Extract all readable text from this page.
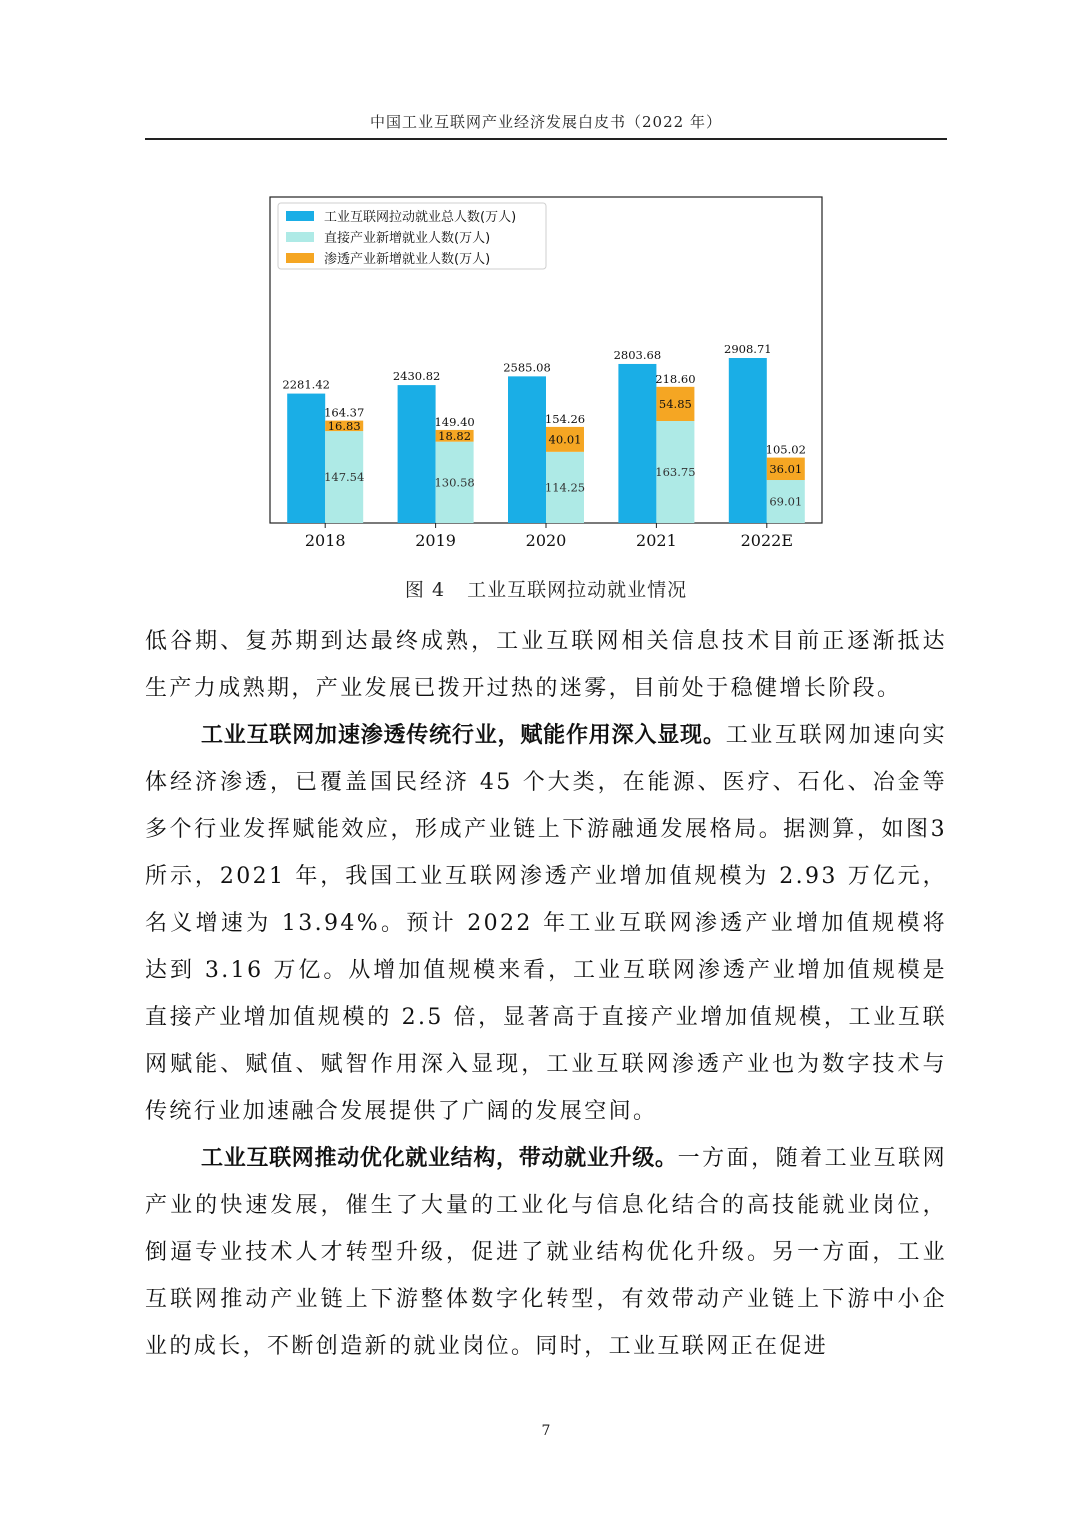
中国工业互联网产业经济发展白皮书（2022 年）
2281.42
147.54
16.83
164.37
2018
2430.82
130.58
18.82
149.40
2019
2585.08
114.25
40.01
154.26
2020
2803.68
163.75
54.85
218.60
2021
2908.71
69.01
36.01
105.02
2022E
工业互联网拉动就业总人数(万人)
直接产业新增就业人数(万人)
渗透产业新增就业人数(万人)
图 4 工业互联网拉动就业情况

低谷期、复苏期到达最终成熟，工业互联网相关信息技术目前正逐渐抵达生产力成熟期，产业发展已拨开过热的迷雾，目前处于稳健增长阶段。

工业互联网加速渗透传统行业，赋能作用深入显现。工业互联网加速向实体经济渗透，已覆盖国民经济 45 个大类，在能源、医疗、石化、冶金等多个行业发挥赋能效应，形成产业链上下游融通发展格局。据测算，如图3所示，2021 年，我国工业互联网渗透产业增加值规模为 2.93 万亿元，名义增速为 13.94%。预计 2022 年工业互联网渗透产业增加值规模将达到 3.16 万亿。从增加值规模来看，工业互联网渗透产业增加值规模是直接产业增加值规模的 2.5 倍，显著高于直接产业增加值规模，工业互联网赋能、赋值、赋智作用深入显现，工业互联网渗透产业也为数字技术与传统行业加速融合发展提供了广阔的发展空间。

工业互联网推动优化就业结构，带动就业升级。一方面，随着工业互联网产业的快速发展，催生了大量的工业化与信息化结合的高技能就业岗位，倒逼专业技术人才转型升级，促进了就业结构优化升级。另一方面，工业互联网推动产业链上下游整体数字化转型，有效带动产业链上下游中小企业的成长，不断创造新的就业岗位。同时，工业互联网正在促进

7
